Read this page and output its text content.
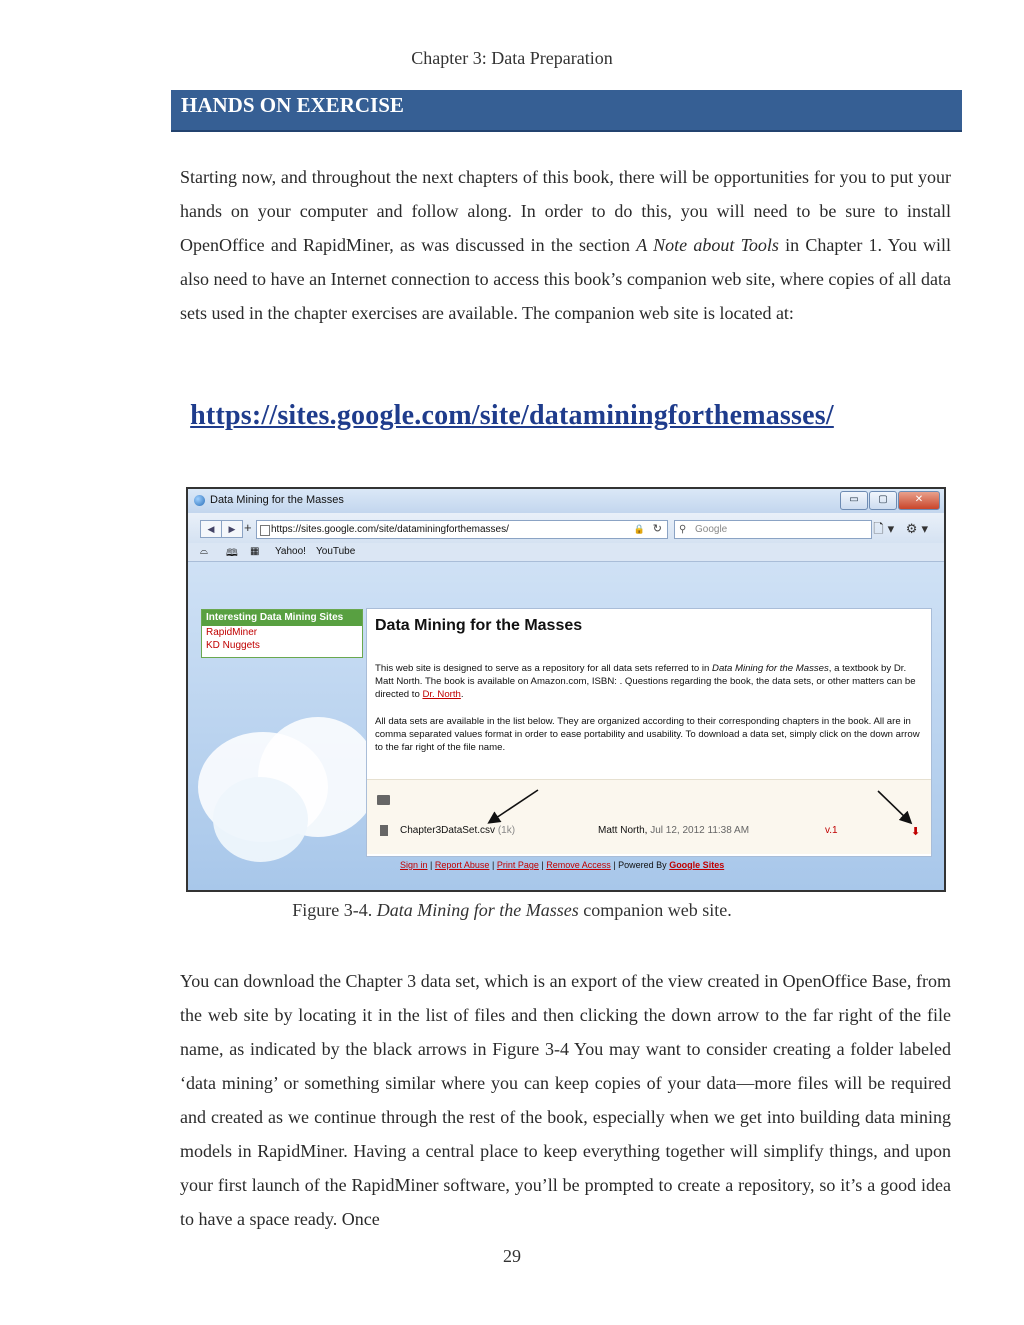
Chapter 3: Data Preparation
HANDS ON EXERCISE

Starting now, and throughout the next chapters of this book, there will be opportunities for you to put your hands on your computer and follow along. In order to do this, you will need to be sure to install OpenOffice and RapidMiner, as was discussed in the section A Note about Tools in Chapter 1. You will also need to have an Internet connection to access this book’s companion web site, where copies of all data sets used in the chapter exercises are available. The companion web site is located at:

https://sites.google.com/site/dataminingforthemasses/
Data Mining for the Masses	▭	▢	✕
◀	▶	https://sites.google.com/site/dataminingforthemasses/	🔒 ↻ ⚲ Google	🗋▾ ⚙▾
+
⌓ 🕮 ▦ Yahoo! YouTube
Interesting Data Mining Sites
RapidMiner
KD Nuggets
Data Mining for the Masses

This web site is designed to serve as a repository for all data sets referred to in Data Mining for the Masses, a textbook by Dr. Matt North. The book is available on Amazon.com, ISBN: . Questions regarding the book, the data sets, or other matters can be directed to Dr. North.

All data sets are available in the list below. They are organized according to their corresponding chapters in the book. All are in comma separated values format in order to ease portability and usability. To download a data set, simply click on the down arrow to the far right of the file name.

Chapter3DataSet.csv (1k)	Matt North, Jul 12, 2012 11:38 AM	v.1	⬇
Sign in | Report Abuse | Print Page | Remove Access | Powered By Google Sites
Figure 3-4. Data Mining for the Masses companion web site.

You can download the Chapter 3 data set, which is an export of the view created in OpenOffice Base, from the web site by locating it in the list of files and then clicking the down arrow to the far right of the file name, as indicated by the black arrows in Figure 3-4 You may want to consider creating a folder labeled ‘data mining’ or something similar where you can keep copies of your data—more files will be required and created as we continue through the rest of the book, especially when we get into building data mining models in RapidMiner. Having a central place to keep everything together will simplify things, and upon your first launch of the RapidMiner software, you’ll be prompted to create a repository, so it’s a good idea to have a space ready. Once

29
